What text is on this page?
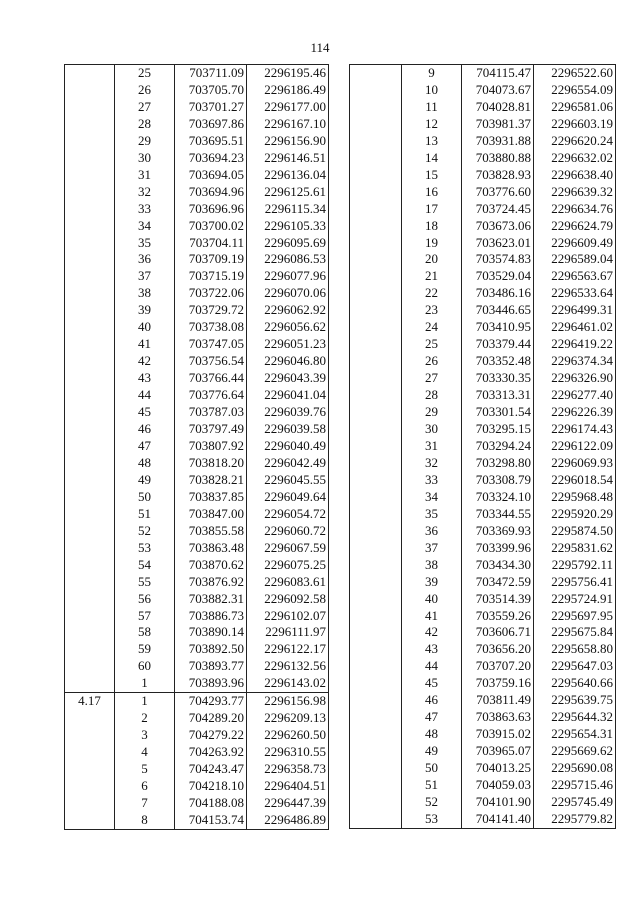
114
	25	703711.09	2296195.46
	26	703705.70	2296186.49
	27	703701.27	2296177.00
	28	703697.86	2296167.10
	29	703695.51	2296156.90
	30	703694.23	2296146.51
	31	703694.05	2296136.04
	32	703694.96	2296125.61
	33	703696.96	2296115.34
	34	703700.02	2296105.33
	35	703704.11	2296095.69
	36	703709.19	2296086.53
	37	703715.19	2296077.96
	38	703722.06	2296070.06
	39	703729.72	2296062.92
	40	703738.08	2296056.62
	41	703747.05	2296051.23
	42	703756.54	2296046.80
	43	703766.44	2296043.39
	44	703776.64	2296041.04
	45	703787.03	2296039.76
	46	703797.49	2296039.58
	47	703807.92	2296040.49
	48	703818.20	2296042.49
	49	703828.21	2296045.55
	50	703837.85	2296049.64
	51	703847.00	2296054.72
	52	703855.58	2296060.72
	53	703863.48	2296067.59
	54	703870.62	2296075.25
	55	703876.92	2296083.61
	56	703882.31	2296092.58
	57	703886.73	2296102.07
	58	703890.14	2296111.97
	59	703892.50	2296122.17
	60	703893.77	2296132.56
	1	703893.96	2296143.02
4.17	1	704293.77	2296156.98
	2	704289.20	2296209.13
	3	704279.22	2296260.50
	4	704263.92	2296310.55
	5	704243.47	2296358.73
	6	704218.10	2296404.51
	7	704188.08	2296447.39
	8	704153.74	2296486.89
	9	704115.47	2296522.60
	10	704073.67	2296554.09
	11	704028.81	2296581.06
	12	703981.37	2296603.19
	13	703931.88	2296620.24
	14	703880.88	2296632.02
	15	703828.93	2296638.40
	16	703776.60	2296639.32
	17	703724.45	2296634.76
	18	703673.06	2296624.79
	19	703623.01	2296609.49
	20	703574.83	2296589.04
	21	703529.04	2296563.67
	22	703486.16	2296533.64
	23	703446.65	2296499.31
	24	703410.95	2296461.02
	25	703379.44	2296419.22
	26	703352.48	2296374.34
	27	703330.35	2296326.90
	28	703313.31	2296277.40
	29	703301.54	2296226.39
	30	703295.15	2296174.43
	31	703294.24	2296122.09
	32	703298.80	2296069.93
	33	703308.79	2296018.54
	34	703324.10	2295968.48
	35	703344.55	2295920.29
	36	703369.93	2295874.50
	37	703399.96	2295831.62
	38	703434.30	2295792.11
	39	703472.59	2295756.41
	40	703514.39	2295724.91
	41	703559.26	2295697.95
	42	703606.71	2295675.84
	43	703656.20	2295658.80
	44	703707.20	2295647.03
	45	703759.16	2295640.66
	46	703811.49	2295639.75
	47	703863.63	2295644.32
	48	703915.02	2295654.31
	49	703965.07	2295669.62
	50	704013.25	2295690.08
	51	704059.03	2295715.46
	52	704101.90	2295745.49
	53	704141.40	2295779.82
